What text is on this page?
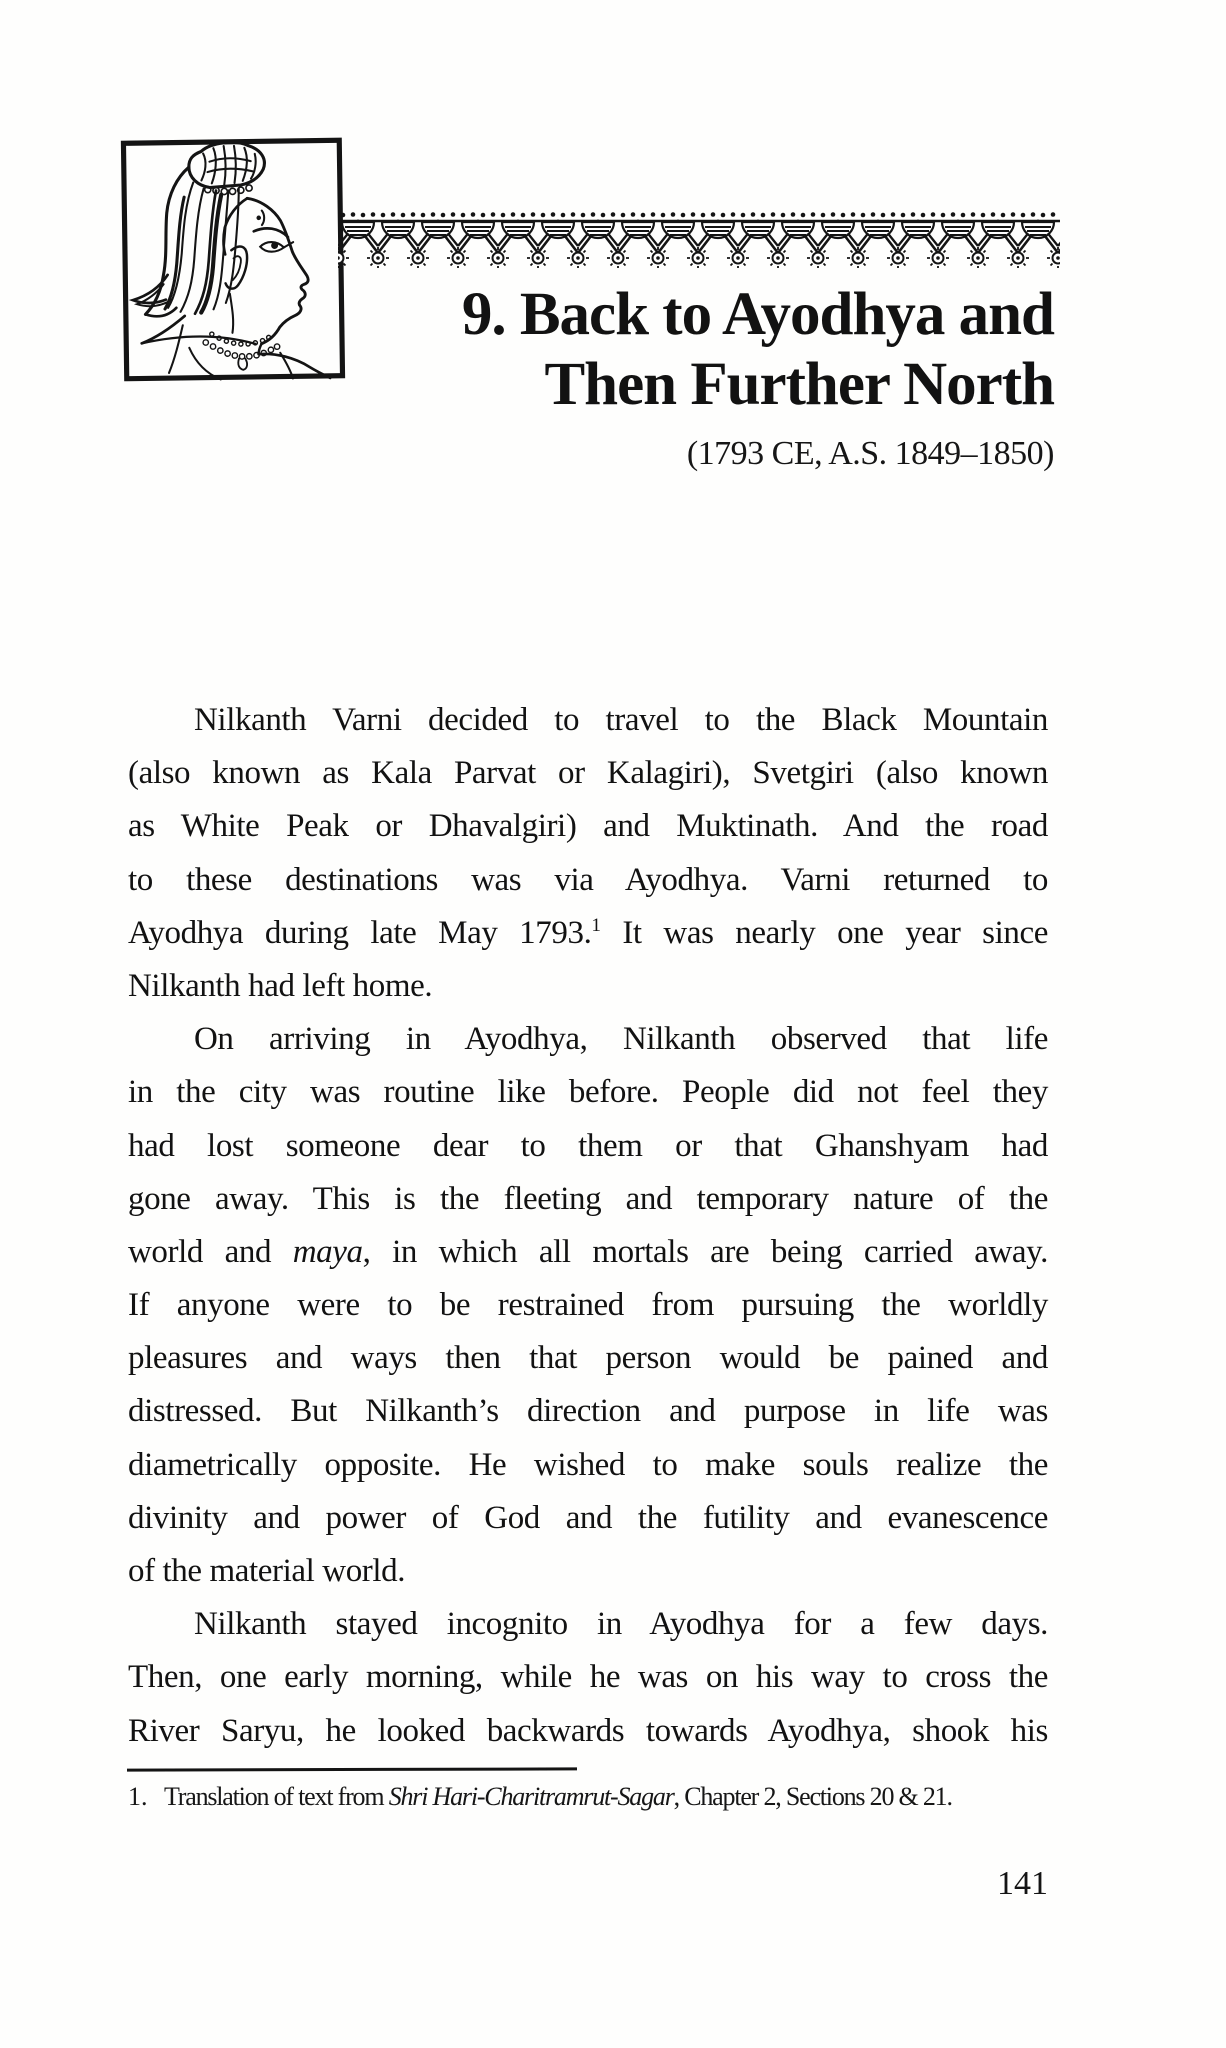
9. Back to Ayodhya and
Then Further North
(1793 CE, A.S. 1849–1850)
Nilkanth Varni decided to travel to the Black Mountain
(also known as Kala Parvat or Kalagiri), Svetgiri (also known
as White Peak or Dhavalgiri) and Muktinath. And the road
to these destinations was via Ayodhya. Varni returned to
Ayodhya during late May 1793.$^1$ It was nearly one year since
Nilkanth had left home.
On arriving in Ayodhya, Nilkanth observed that life
in the city was routine like before. People did not feel they
had lost someone dear to them or that Ghanshyam had
gone away. This is the fleeting and temporary nature of the
world and maya, in which all mortals are being carried away.
If anyone were to be restrained from pursuing the worldly
pleasures and ways then that person would be pained and
distressed. But Nilkanth’s direction and purpose in life was
diametrically opposite. He wished to make souls realize the
divinity and power of God and the futility and evanescence
of the material world.
Nilkanth stayed incognito in Ayodhya for a few days.
Then, one early morning, while he was on his way to cross the
River Saryu, he looked backwards towards Ayodhya, shook his
1. Translation of text from Shri Hari-Charitramrut-Sagar, Chapter 2, Sections 20 & 21.
141
